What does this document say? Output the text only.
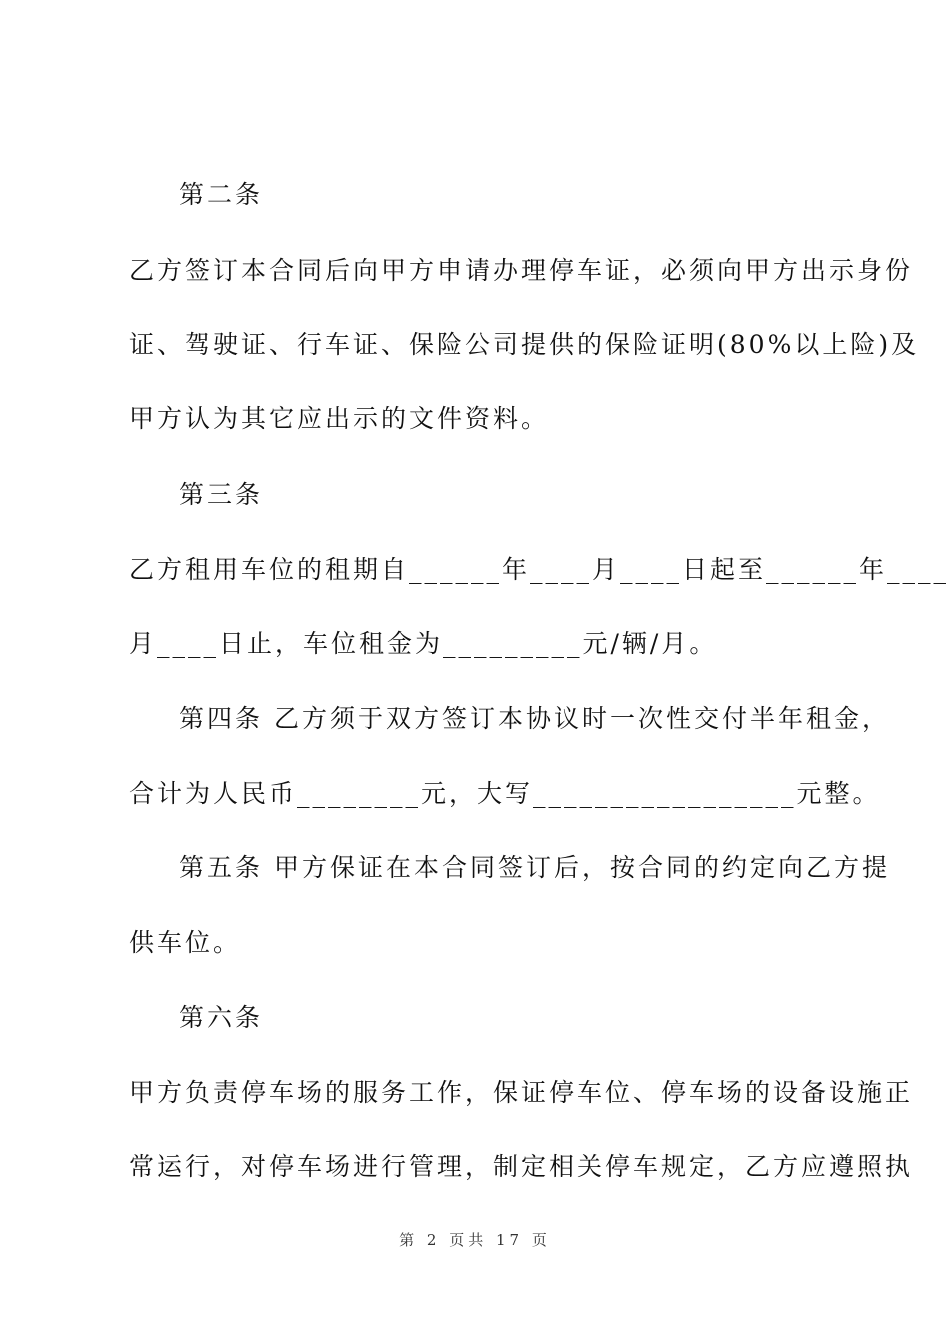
第二条
乙方签订本合同后向甲方申请办理停车证，必须向甲方出示身份
证、驾驶证、行车证、保险公司提供的保险证明(80%以上险)及
甲方认为其它应出示的文件资料。
第三条
乙方租用车位的租期自______年____月____日起至______年____
月____日止，车位租金为_________元/辆/月。
第四条 乙方须于双方签订本协议时一次性交付半年租金，
合计为人民币________元，大写_________________元整。
第五条 甲方保证在本合同签订后，按合同的约定向乙方提
供车位。
第六条
甲方负责停车场的服务工作，保证停车位、停车场的设备设施正
常运行，对停车场进行管理，制定相关停车规定，乙方应遵照执
第 2 页共 17 页
